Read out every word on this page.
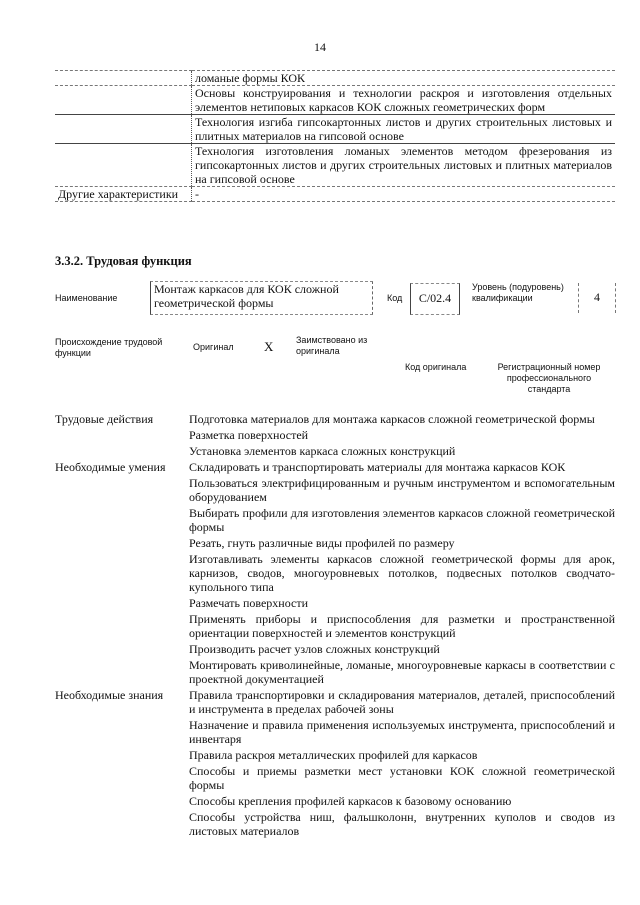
14
	ломаные формы КОК
	Основы конструирования и технологии раскроя и изготовления отдельных элементов нетиповых каркасов КОК сложных геометрических форм
	Технология изгиба гипсокартонных листов и других строительных листовых и плитных материалов на гипсовой основе
	Технология изготовления ломаных элементов методом фрезерования из гипсокартонных листов и других строительных листовых и плитных материалов на гипсовой основе
Другие характеристики	-
3.3.2. Трудовая функция
Наименование
Монтаж каркасов для КОК сложной геометрической формы	Код	С/02.4
Уровень (подуровень) квалификации	4
Происхождение трудовой функции
Оригинал X	Заимствовано из оригинала
Код оригинала	Регистрационный номер профессионального стандарта
Трудовые действия	Подготовка материалов для монтажа каркасов сложной геометрической формы
Разметка поверхностей
Установка элементов каркаса сложных конструкций
Необходимые умения	Складировать и транспортировать материалы для монтажа каркасов КОК
Пользоваться электрифицированным и ручным инструментом и вспомогательным оборудованием
Выбирать профили для изготовления элементов каркасов сложной геометрической формы
Резать, гнуть различные виды профилей по размеру
Изготавливать элементы каркасов сложной геометрической формы для арок, карнизов, сводов, многоуровневых потолков, подвесных потолков сводчато-купольного типа
Размечать поверхности
Применять приборы и приспособления для разметки и пространственной ориентации поверхностей и элементов конструкций
Производить расчет узлов сложных конструкций
Монтировать криволинейные, ломаные, многоуровневые каркасы в соответствии с проектной документацией
Необходимые знания	Правила транспортировки и складирования материалов, деталей, приспособлений и инструмента в пределах рабочей зоны
Назначение и правила применения используемых инструмента, приспособлений и инвентаря
Правила раскроя металлических профилей для каркасов
Способы и приемы разметки мест установки КОК сложной геометрической формы
Способы крепления профилей каркасов к базовому основанию
Способы устройства ниш, фальшколонн, внутренних куполов и сводов из листовых материалов
